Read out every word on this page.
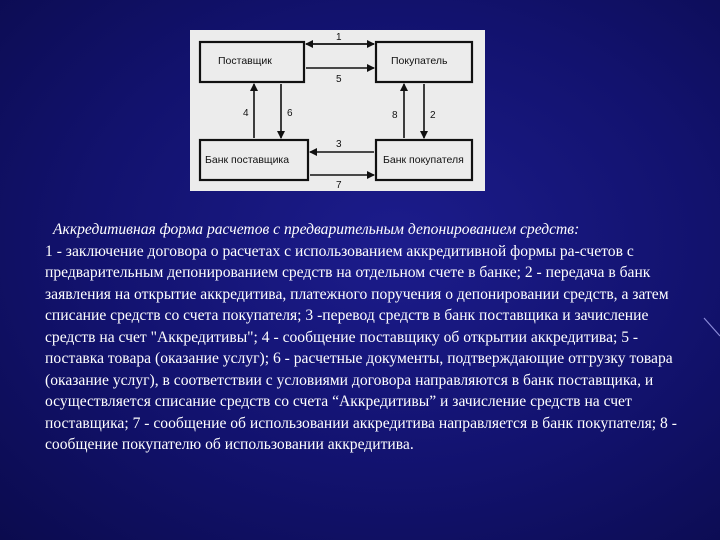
Поставщик	Покупатель
Банк поставщика	Банк покупателя
1
5
4	6	8	2
3
7
Аккредитивная форма расчетов с предварительным депонированием средств:
1 - заключение договора о расчетах с использованием аккредитивной формы ра-счетов с предварительным депонированием средств на отдельном счете в банке; 2 - передача в банк заявления на открытие аккредитива, платежного поручения о депонировании средств, а затем списание средств со счета покупателя; 3 -перевод средств в банк поставщика и зачисление средств на счет "Аккредитивы"; 4 - сообщение поставщику об открытии аккредитива; 5 - поставка товара (оказание услуг); 6 - расчетные документы, подтверждающие отгрузку товара (оказание услуг), в соответствии с условиями договора направляются в банк поставщика, и осуществляется списание средств со счета “Аккредитивы” и зачисление средств на счет поставщика; 7 - сообщение об использовании аккредитива направляется в банк покупателя; 8 - сообщение покупателю об использовании аккредитива.
